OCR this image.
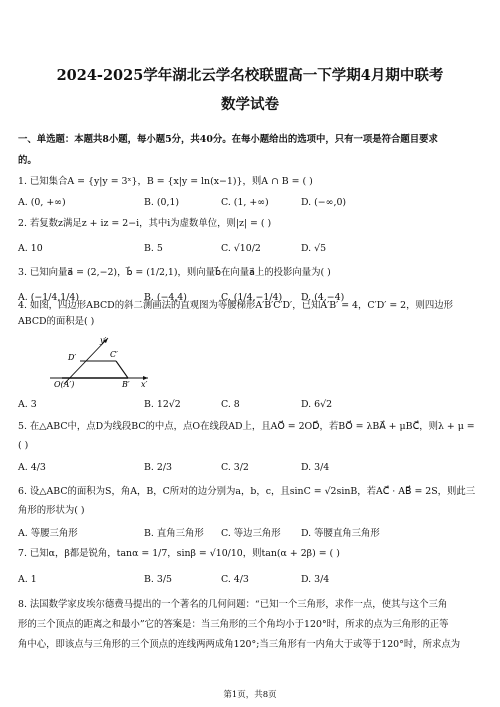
2024-2025学年湖北云学名校联盟高一下学期4月期中联考
数学试卷
一、单选题：本题共8小题，每小题5分，共40分。在每小题给出的选项中，只有一项是符合题目要求
的。
1. 已知集合A = {y|y = 3ˣ}，B = {x|y = ln(x−1)}，则A ∩ B = ( )
A. (0, +∞)	B. (0,1)	C. (1, +∞)	D. (−∞,0)
2. 若复数z满足z + iz = 2−i，其中i为虚数单位，则|z| = ( )
A. 10	B. 5	C. √10/2	D. √5
3. 已知向量a⃗ = (2,−2)，b⃗ = (1/2,1)，则向量b⃗在向量a⃗上的投影向量为( )
A. (−1/4,1/4)	B. (−4,4)	C. (1/4,−1/4) D. (4,−4)
4. 如图，四边形ABCD的斜二测画法的直观图为等腰梯形A′B′C′D′，已知A′B′ = 4，C′D′ = 2，则四边形
ABCD的面积是( )
y′
D′	C′
O(A′)	B′ x′
A. 3	B. 12√2	C. 8	D. 6√2
5. 在△ABC中，点D为线段BC的中点，点O在线段AD上，且AO⃗ = 2OD⃗，若BO⃗ = λBA⃗ + μBC⃗，则λ + μ =
( )
A. 4/3	B. 2/3	C. 3/2	D. 3/4
6. 设△ABC的面积为S，角A，B，C所对的边分别为a，b，c，且sinC = √2sinB，若AC⃗ · AB⃗ = 2S，则此三
角形的形状为( )
A. 等腰三角形	B. 直角三角形 C. 等边三角形 D. 等腰直角三角形
7. 已知α，β都是锐角，tanα = 1/7，sinβ = √10/10，则tan(α + 2β) = ( )
A. 1	B. 3/5	C. 4/3	D. 3/4
8. 法国数学家皮埃尔德费马提出的一个著名的几何问题：“已知一个三角形，求作一点，使其与这个三角
形的三个顶点的距离之和最小”它的答案是：当三角形的三个角均小于120°时，所求的点为三角形的正等
角中心，即该点与三角形的三个顶点的连线两两成角120°;当三角形有一内角大于或等于120°时，所求点为
第1页，共8页
